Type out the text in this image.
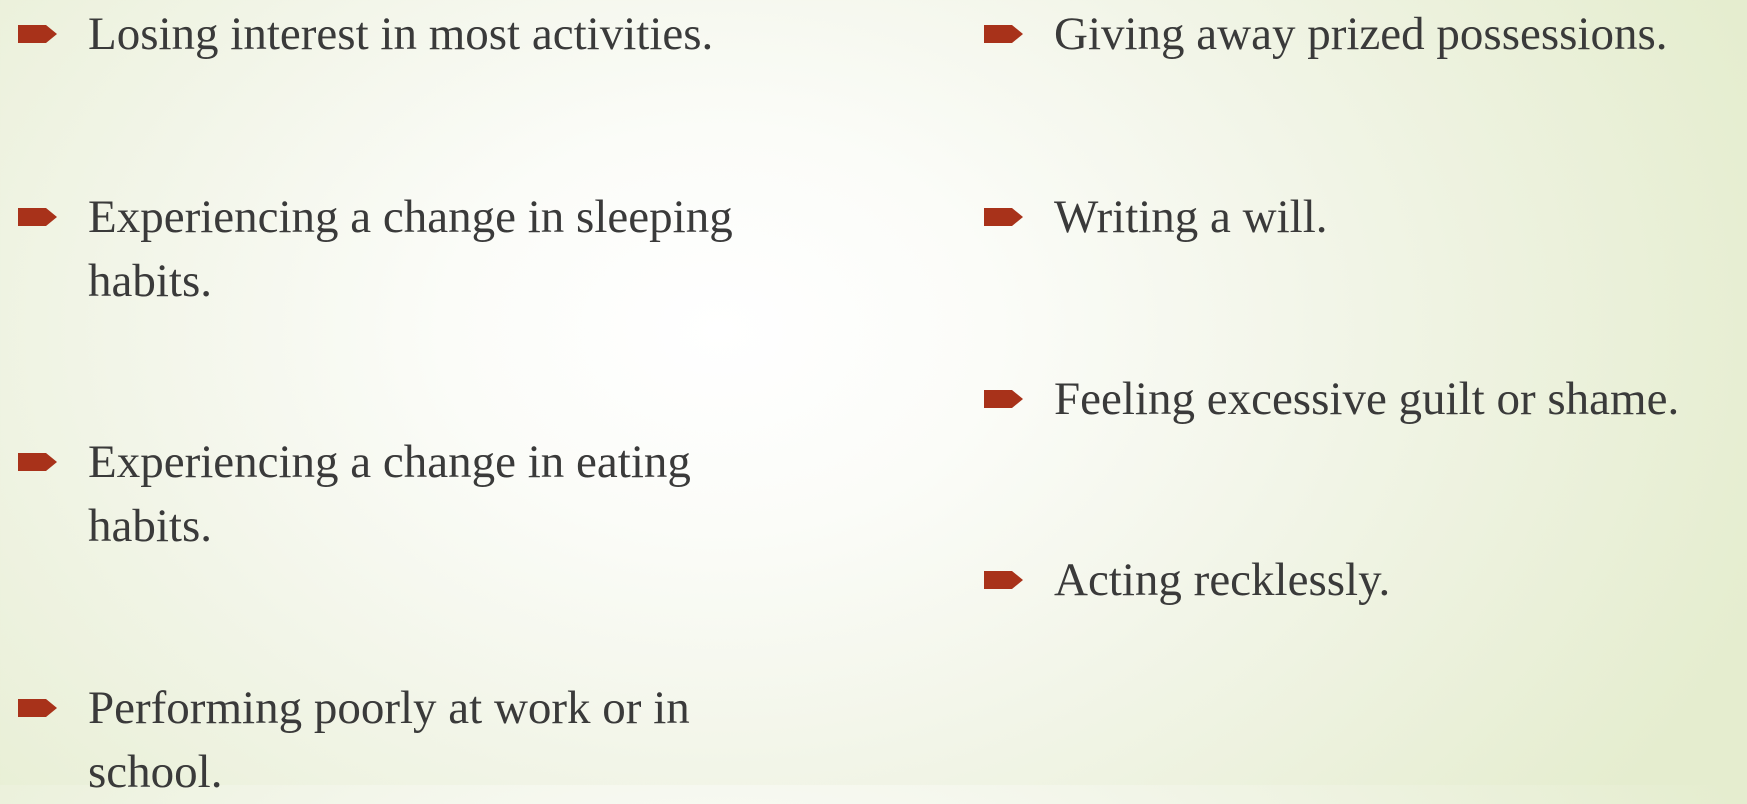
Losing interest in most activities.
Experiencing a change in sleeping
habits.
Experiencing a change in eating
habits.
Performing poorly at work or in
school.
Giving away prized possessions.
Writing a will.
Feeling excessive guilt or shame.
Acting recklessly.
